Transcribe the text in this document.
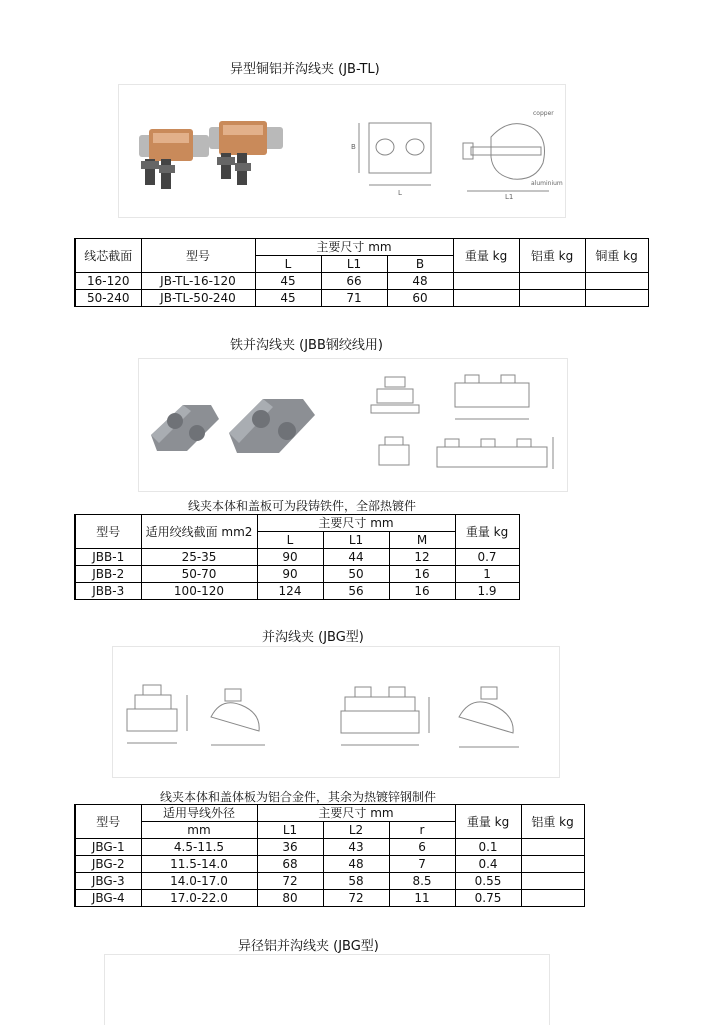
异型铜铝并沟线夹 (JB-TL)
L
copper
aluminium
L1
B
线芯截面	型号	主要尺寸 mm			重量 kg	铝重 kg	铜重 kg
		L	L1	B			
16-120	JB-TL-16-120	45	66	48			
50-240	JB-TL-50-240	45	71	60			
铁并沟线夹 (JBB钢绞线用)
线夹本体和盖板可为段铸铁件，全部热镀件
型号	适用绞线截面 mm2	主要尺寸 mm			重量 kg
		L	L1	M	
JBB-1	25-35	90	44	12	0.7
JBB-2	50-70	90	50	16	1
JBB-3	100-120	124	56	16	1.9
并沟线夹 (JBG型)
线夹本体和盖体板为铝合金件，其余为热镀锌钢制件
型号	适用导线外径	主要尺寸 mm			重量 kg	铝重 kg
	mm	L1	L2	r		
JBG-1	4.5-11.5	36	43	6	0.1	
JBG-2	11.5-14.0	68	48	7	0.4	
JBG-3	14.0-17.0	72	58	8.5	0.55	
JBG-4	17.0-22.0	80	72	11	0.75	
异径铝并沟线夹 (JBG型)
